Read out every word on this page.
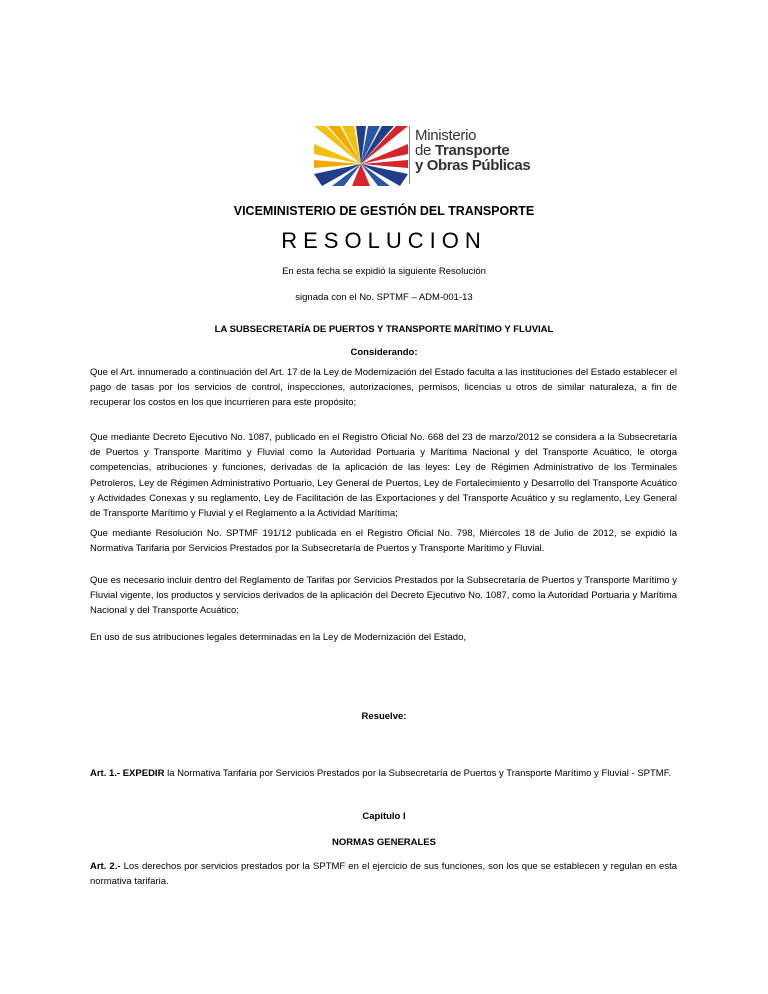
Ministerio
de Transporte
y Obras Públicas
VICEMINISTERIO DE GESTIÓN DEL TRANSPORTE
RESOLUCION
En esta fecha se expidió la siguiente Resolución
signada con el No. SPTMF – ADM-001-13
LA SUBSECRETARÍA DE PUERTOS Y TRANSPORTE MARÍTIMO Y FLUVIAL
Considerando:
Que el Art. innumerado a continuación del Art. 17 de la Ley de Modernización del Estado faculta a las instituciones del Estado establecer el pago de tasas por los servicios de control, inspecciones, autorizaciones, permisos, licencias u otros de similar naturaleza, a fin de recuperar los costos en los que incurrieren para este propósito;
Que mediante Decreto Ejecutivo No. 1087, publicado en el Registro Oficial No. 668 del 23 de marzo/2012 se considera a la Subsecretaría de Puertos y Transporte Marítimo y Fluvial como la Autoridad Portuaria y Marítima Nacional y del Transporte Acuático, le otorga competencias, atribuciones y funciones, derivadas de la aplicación de las leyes: Ley de Régimen Administrativo de los Terminales Petroleros, Ley de Régimen Administrativo Portuario, Ley General de Puertos, Ley de Fortalecimiento y Desarrollo del Transporte Acuático y Actividades Conexas y su reglamento, Ley de Facilitación de las Exportaciones y del Transporte Acuático y su reglamento, Ley General de Transporte Marítimo y Fluvial y el Reglamento a la Actividad Marítima;
Que mediante Resolución No. SPTMF 191/12 publicada en el Registro Oficial No. 798, Miércoles 18 de Julio de 2012, se expidió la Normativa Tarifaria por Servicios Prestados por la Subsecretaría de Puertos y Transporte Marítimo y Fluvial.
Que es necesario incluir dentro del Reglamento de Tarifas por Servicios Prestados por la Subsecretaría de Puertos y Transporte Marítimo y Fluvial vigente, los productos y servicios derivados de la aplicación del Decreto Ejecutivo No. 1087, como la Autoridad Portuaria y Marítima Nacional y del Transporte Acuático;
En uso de sus atribuciones legales determinadas en la Ley de Modernización del Estado,
Resuelve:
Art. 1.- EXPEDIR la Normativa Tarifaria por Servicios Prestados por la Subsecretaría de Puertos y Transporte Marítimo y Fluvial - SPTMF.
Capítulo I
NORMAS GENERALES
Art. 2.- Los derechos por servicios prestados por la SPTMF en el ejercicio de sus funciones, son los que se establecen y regulan en esta normativa tarifaria.
